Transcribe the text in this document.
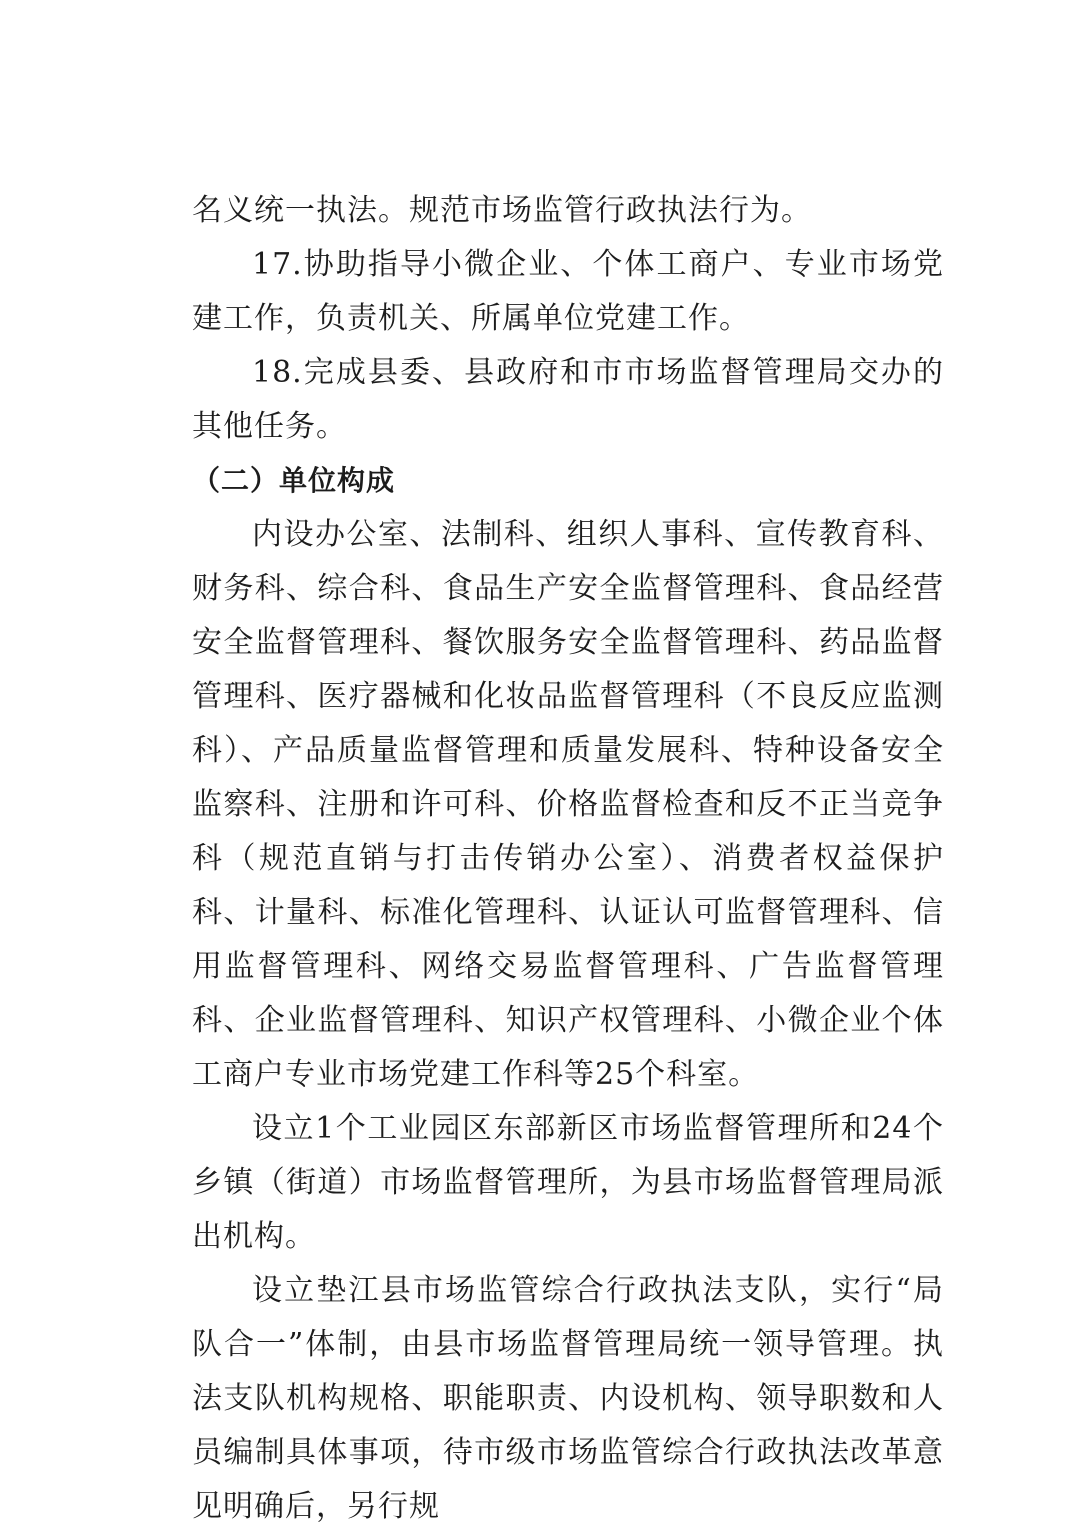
名义统一执法。规范市场监管行政执法行为。

17.协助指导小微企业、个体工商户、专业市场党建工作，负责机关、所属单位党建工作。

18.完成县委、县政府和市市场监督管理局交办的其他任务。

（二）单位构成

内设办公室、法制科、组织人事科、宣传教育科、财务科、综合科、食品生产安全监督管理科、食品经营安全监督管理科、餐饮服务安全监督管理科、药品监督管理科、医疗器械和化妆品监督管理科（不良反应监测科）、产品质量监督管理和质量发展科、特种设备安全监察科、注册和许可科、价格监督检查和反不正当竞争科（规范直销与打击传销办公室）、消费者权益保护科、计量科、标准化管理科、认证认可监督管理科、信用监督管理科、网络交易监督管理科、广告监督管理科、企业监督管理科、知识产权管理科、小微企业个体工商户专业市场党建工作科等25个科室。

设立1个工业园区东部新区市场监督管理所和24个乡镇（街道）市场监督管理所，为县市场监督管理局派出机构。

设立垫江县市场监管综合行政执法支队，实行“局队合一”体制，由县市场监督管理局统一领导管理。执法支队机构规格、职能职责、内设机构、领导职数和人员编制具体事项，待市级市场监管综合行政执法改革意见明确后，另行规
